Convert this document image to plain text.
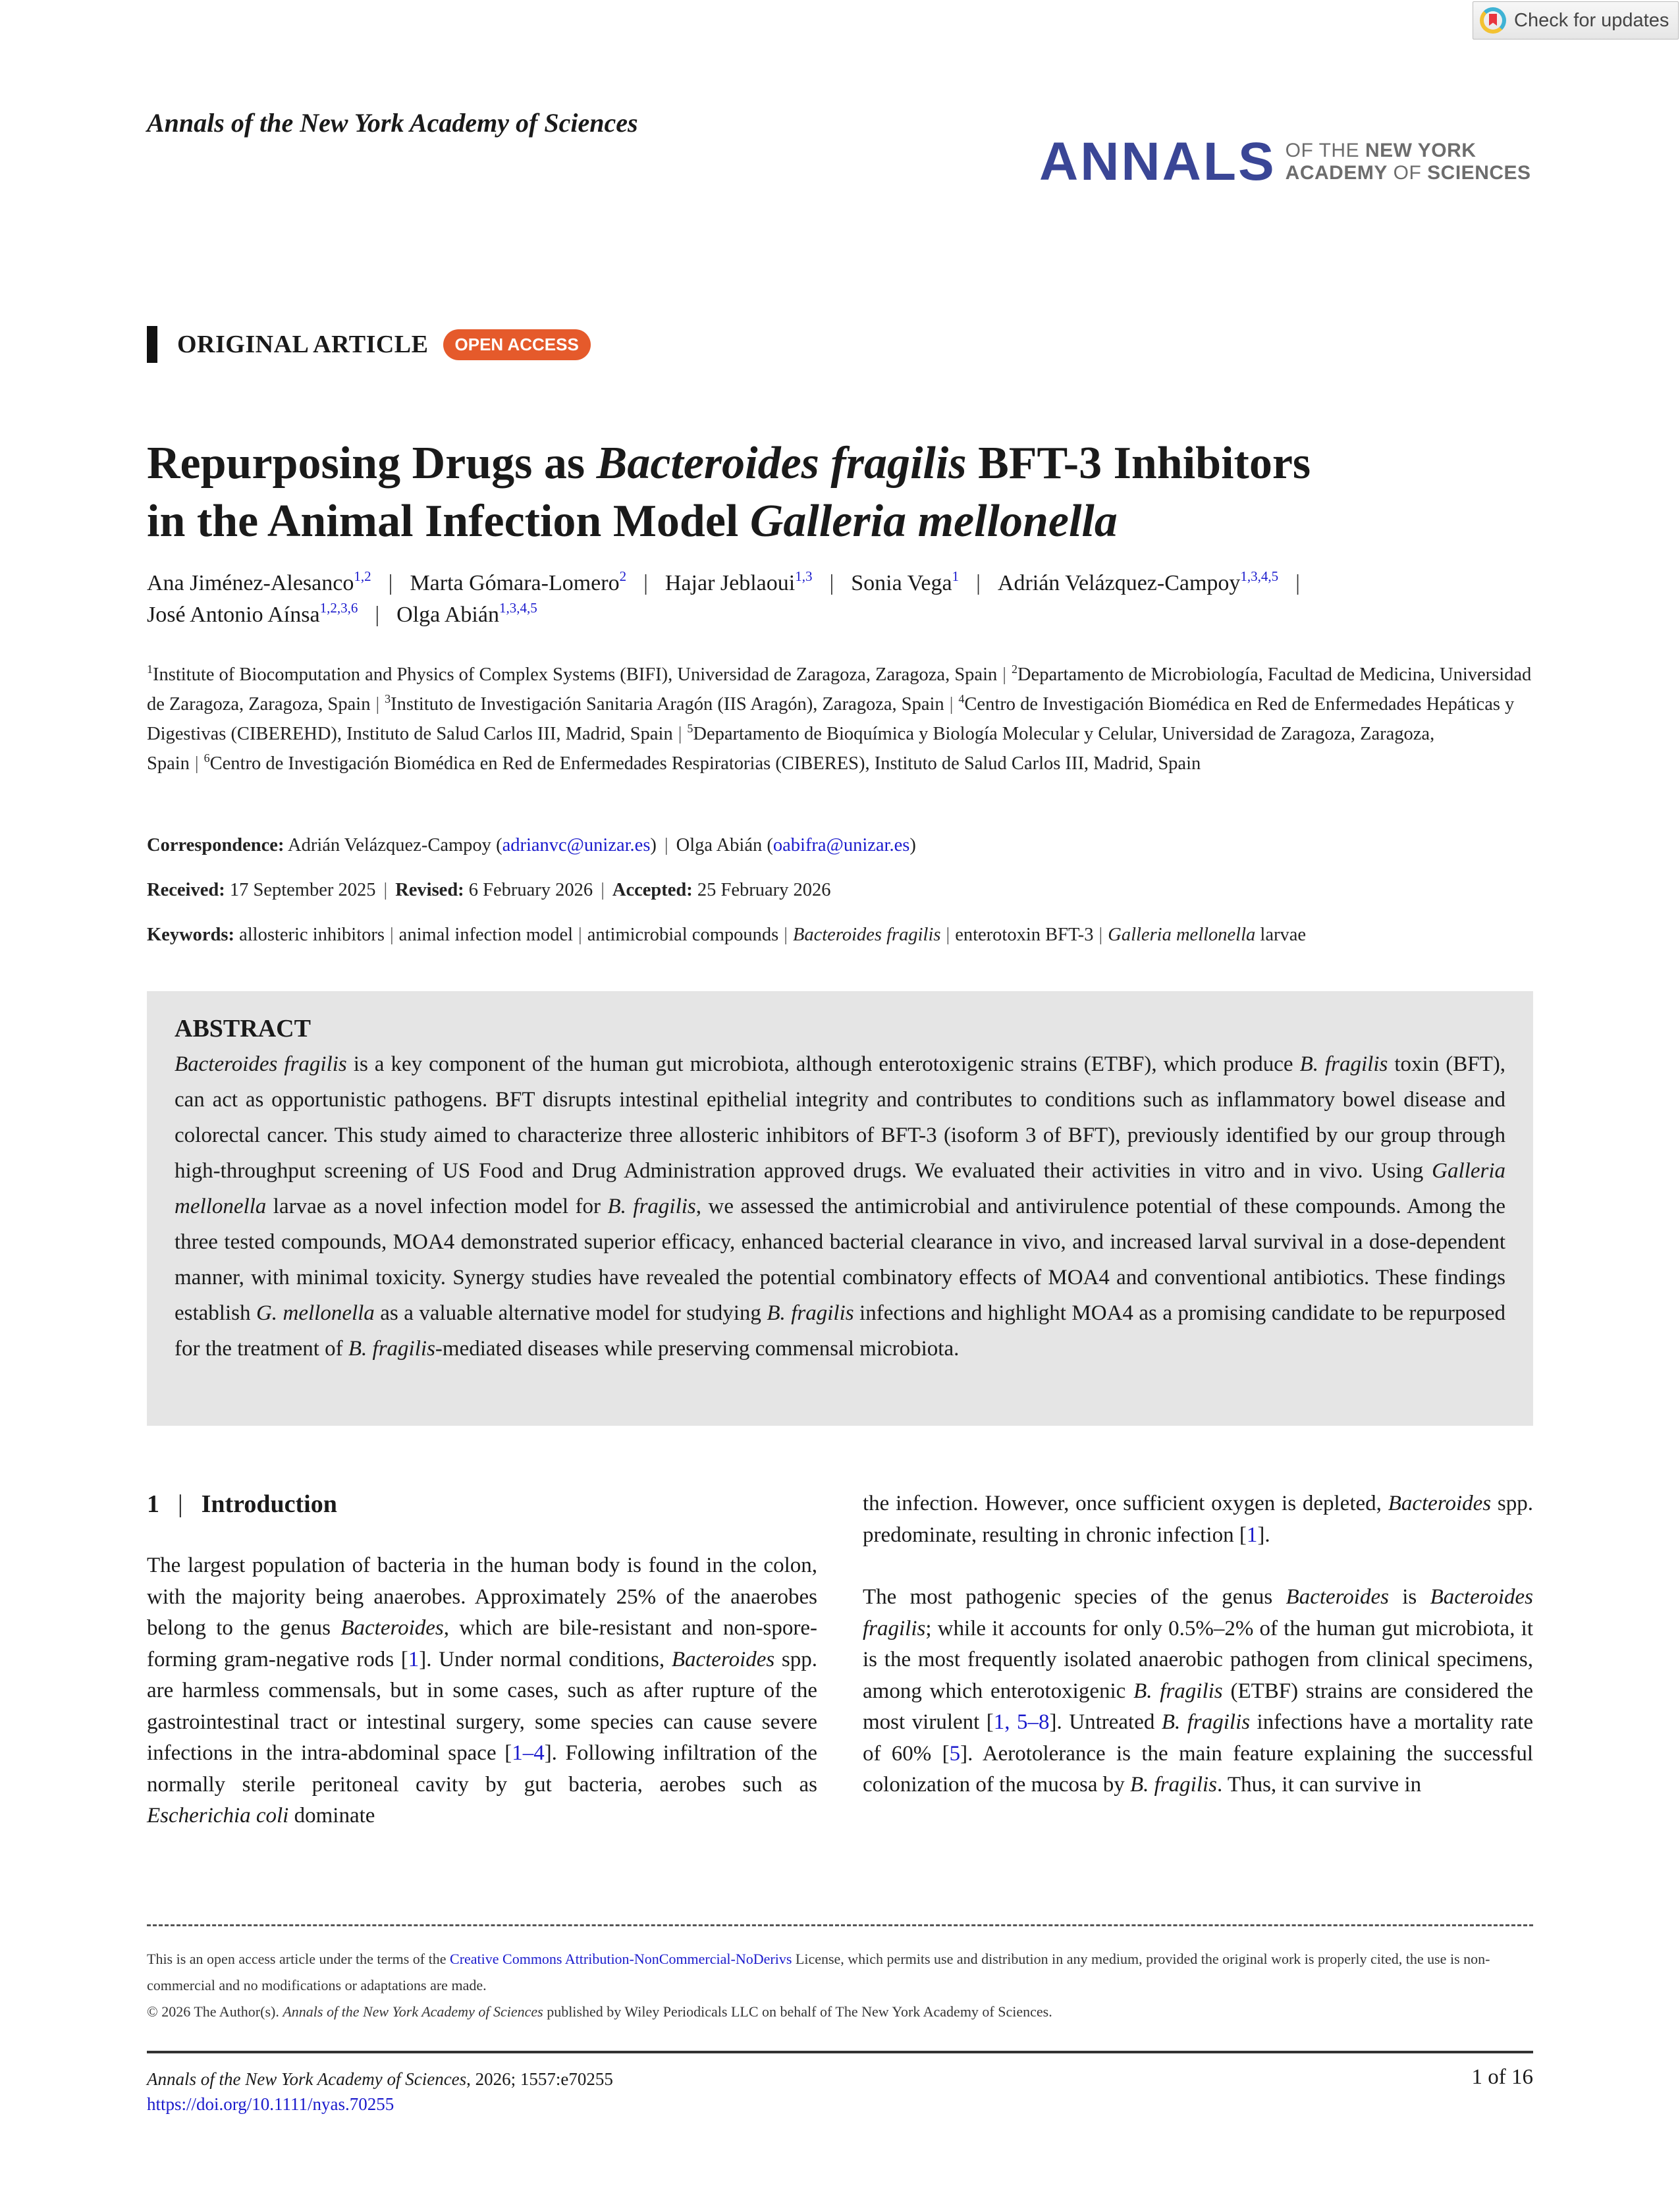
Check for updates
Annals of the New York Academy of Sciences
ANNALS OF THE NEW YORK
ACADEMY OF SCIENCES
ORIGINAL ARTICLE	OPEN ACCESS
Repurposing Drugs as Bacteroides fragilis BFT-3 Inhibitors
in the Animal Infection Model Galleria mellonella
Ana Jiménez-Alesanco$^{1,2}$ | Marta Gómara-Lomero$^2$ | Hajar Jeblaoui$^{1,3}$ | Sonia Vega$^1$ | Adrián Velázquez-Campoy$^{1,3,4,5}$ |
José Antonio Aínsa$^{1,2,3,6}$ | Olga Abián$^{1,3,4,5}$
$^1$Institute of Biocomputation and Physics of Complex Systems (BIFI), Universidad de Zaragoza, Zaragoza, Spain | $^2$Departamento de Microbiología, Facultad de Medicina, Universidad de Zaragoza, Zaragoza, Spain | $^3$Instituto de Investigación Sanitaria Aragón (IIS Aragón), Zaragoza, Spain | $^4$Centro de Investigación Biomédica en Red de Enfermedades Hepáticas y Digestivas (CIBEREHD), Instituto de Salud Carlos III, Madrid, Spain | $^5$Departamento de Bioquímica y Biología Molecular y Celular, Universidad de Zaragoza, Zaragoza, Spain | $^6$Centro de Investigación Biomédica en Red de Enfermedades Respiratorias (CIBERES), Instituto de Salud Carlos III, Madrid, Spain
Correspondence: Adrián Velázquez-Campoy (adrianvc@unizar.es) | Olga Abián (oabifra@unizar.es)
Received: 17 September 2025 | Revised: 6 February 2026 | Accepted: 25 February 2026
Keywords: allosteric inhibitors | animal infection model | antimicrobial compounds | Bacteroides fragilis | enterotoxin BFT-3 | Galleria mellonella larvae
ABSTRACT

Bacteroides fragilis is a key component of the human gut microbiota, although enterotoxigenic strains (ETBF), which produce B. fragilis toxin (BFT), can act as opportunistic pathogens. BFT disrupts intestinal epithelial integrity and contributes to conditions such as inflammatory bowel disease and colorectal cancer. This study aimed to characterize three allosteric inhibitors of BFT-3 (isoform 3 of BFT), previously identified by our group through high-throughput screening of US Food and Drug Administration approved drugs. We evaluated their activities in vitro and in vivo. Using Galleria mellonella larvae as a novel infection model for B. fragilis, we assessed the antimicrobial and antivirulence potential of these compounds. Among the three tested compounds, MOA4 demonstrated superior efficacy, enhanced bacterial clearance in vivo, and increased larval survival in a dose-dependent manner, with minimal toxicity. Synergy studies have revealed the potential combinatory effects of MOA4 and conventional antibiotics. These findings establish G. mellonella as a valuable alternative model for studying B. fragilis infections and highlight MOA4 as a promising candidate to be repurposed for the treatment of B. fragilis-mediated diseases while preserving commensal microbiota.

1 | Introduction

The largest population of bacteria in the human body is found in the colon, with the majority being anaerobes. Approximately 25% of the anaerobes belong to the genus Bacteroides, which are bile-resistant and non-spore-forming gram-negative rods [1]. Under normal conditions, Bacteroides spp. are harmless commensals, but in some cases, such as after rupture of the gastrointestinal tract or intestinal surgery, some species can cause severe infections in the intra-abdominal space [1–4]. Following infiltration of the normally sterile peritoneal cavity by gut bacteria, aerobes such as Escherichia coli dominate

the infection. However, once sufficient oxygen is depleted, Bacteroides spp. predominate, resulting in chronic infection [1].

The most pathogenic species of the genus Bacteroides is Bacteroides fragilis; while it accounts for only 0.5%–2% of the human gut microbiota, it is the most frequently isolated anaerobic pathogen from clinical specimens, among which enterotoxigenic B. fragilis (ETBF) strains are considered the most virulent [1, 5–8]. Untreated B. fragilis infections have a mortality rate of 60% [5]. Aerotolerance is the main feature explaining the successful colonization of the mucosa by B. fragilis. Thus, it can survive in

This is an open access article under the terms of the Creative Commons Attribution-NonCommercial-NoDerivs License, which permits use and distribution in any medium, provided the original work is properly cited, the use is non-commercial and no modifications or adaptations are made.
© 2026 The Author(s). Annals of the New York Academy of Sciences published by Wiley Periodicals LLC on behalf of The New York Academy of Sciences.
Annals of the New York Academy of Sciences, 2026; 1557:e70255
https://doi.org/10.1111/nyas.70255
1 of 16
